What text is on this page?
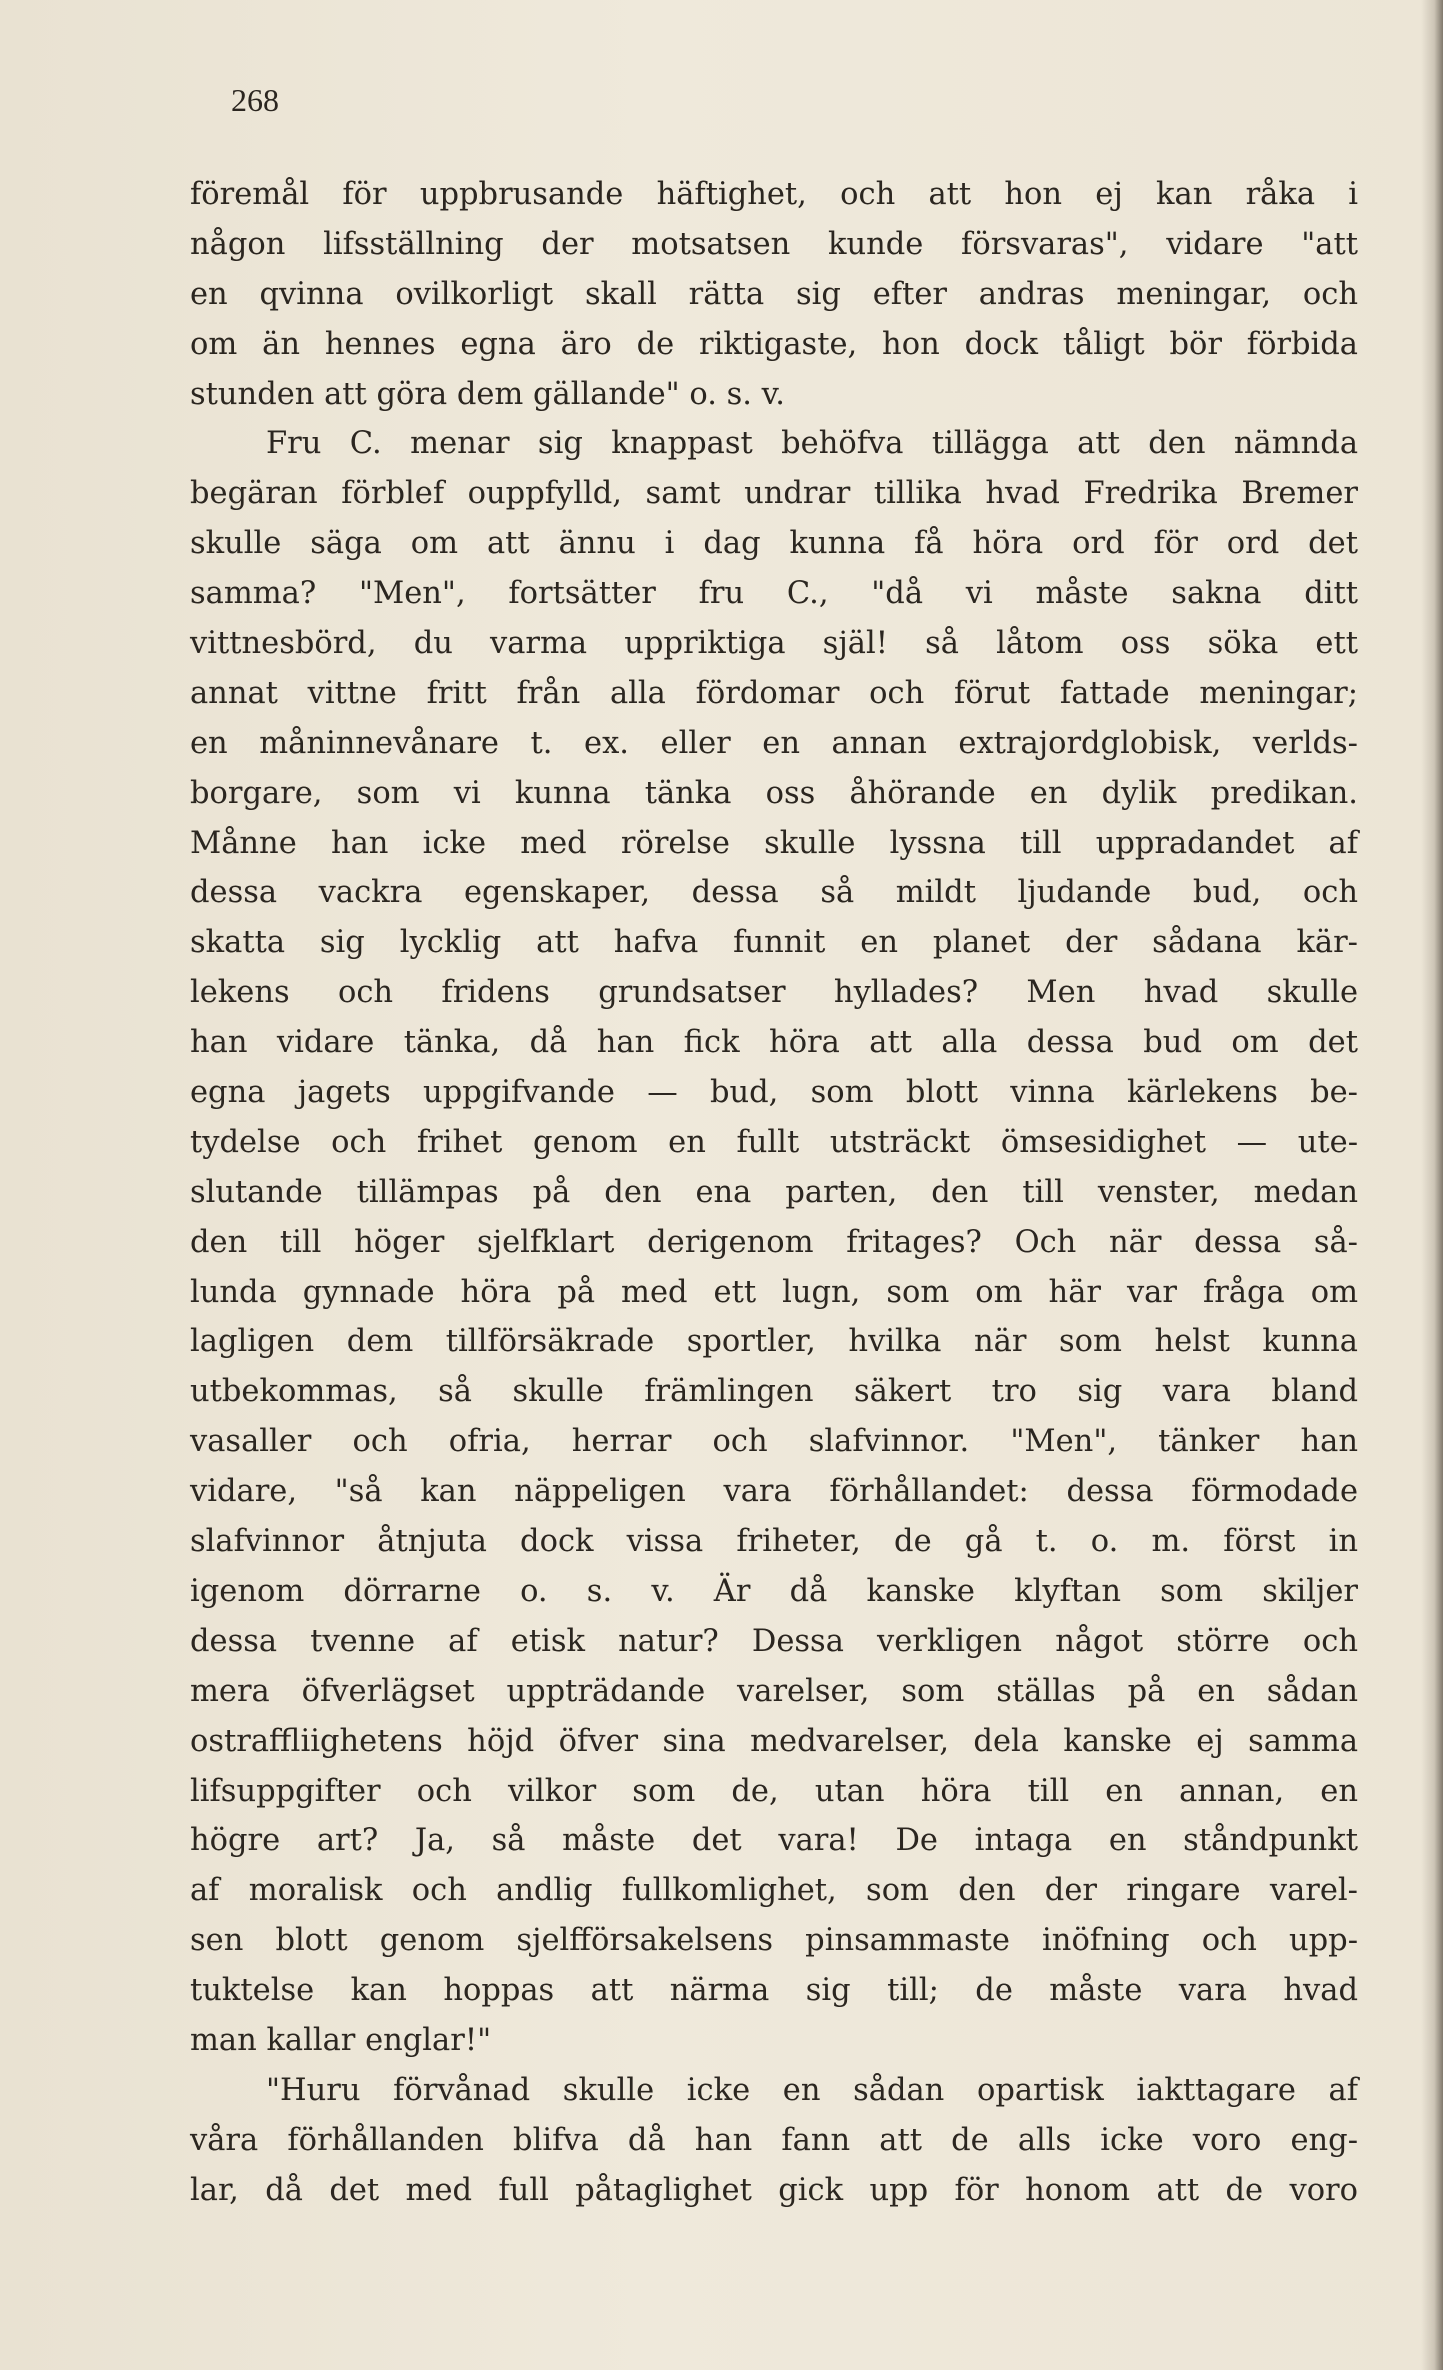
268
föremål för uppbrusande häftighet, och att hon ej kan råka i
någon lifsställning der motsatsen kunde försvaras", vidare "att
en qvinna ovilkorligt skall rätta sig efter andras meningar, och
om än hennes egna äro de riktigaste, hon dock tåligt bör förbida
stunden att göra dem gällande" o. s. v.
Fru C. menar sig knappast behöfva tillägga att den nämnda
begäran förblef ouppfylld, samt undrar tillika hvad Fredrika Bremer
skulle säga om att ännu i dag kunna få höra ord för ord det
samma? "Men", fortsätter fru C., "då vi måste sakna ditt
vittnesbörd, du varma uppriktiga själ! så låtom oss söka ett
annat vittne fritt från alla fördomar och förut fattade meningar;
en måninnevånare t. ex. eller en annan extrajordglobisk, verlds-
borgare, som vi kunna tänka oss åhörande en dylik predikan.
Månne han icke med rörelse skulle lyssna till uppradandet af
dessa vackra egenskaper, dessa så mildt ljudande bud, och
skatta sig lycklig att hafva funnit en planet der sådana kär-
lekens och fridens grundsatser hyllades? Men hvad skulle
han vidare tänka, då han fick höra att alla dessa bud om det
egna jagets uppgifvande — bud, som blott vinna kärlekens be-
tydelse och frihet genom en fullt utsträckt ömsesidighet — ute-
slutande tillämpas på den ena parten, den till venster, medan
den till höger sjelfklart derigenom fritages? Och när dessa så-
lunda gynnade höra på med ett lugn, som om här var fråga om
lagligen dem tillförsäkrade sportler, hvilka när som helst kunna
utbekommas, så skulle främlingen säkert tro sig vara bland
vasaller och ofria, herrar och slafvinnor. "Men", tänker han
vidare, "så kan näppeligen vara förhållandet: dessa förmodade
slafvinnor åtnjuta dock vissa friheter, de gå t. o. m. först in
igenom dörrarne o. s. v. Är då kanske klyftan som skiljer
dessa tvenne af etisk natur? Dessa verkligen något större och
mera öfverlägset uppträdande varelser, som ställas på en sådan
ostraffliighetens höjd öfver sina medvarelser, dela kanske ej samma
lifsuppgifter och vilkor som de, utan höra till en annan, en
högre art? Ja, så måste det vara! De intaga en ståndpunkt
af moralisk och andlig fullkomlighet, som den der ringare varel-
sen blott genom sjelfförsakelsens pinsammaste inöfning och upp-
tuktelse kan hoppas att närma sig till; de måste vara hvad
man kallar englar!"
"Huru förvånad skulle icke en sådan opartisk iakttagare af
våra förhållanden blifva då han fann att de alls icke voro eng-
lar, då det med full påtaglighet gick upp för honom att de voro
